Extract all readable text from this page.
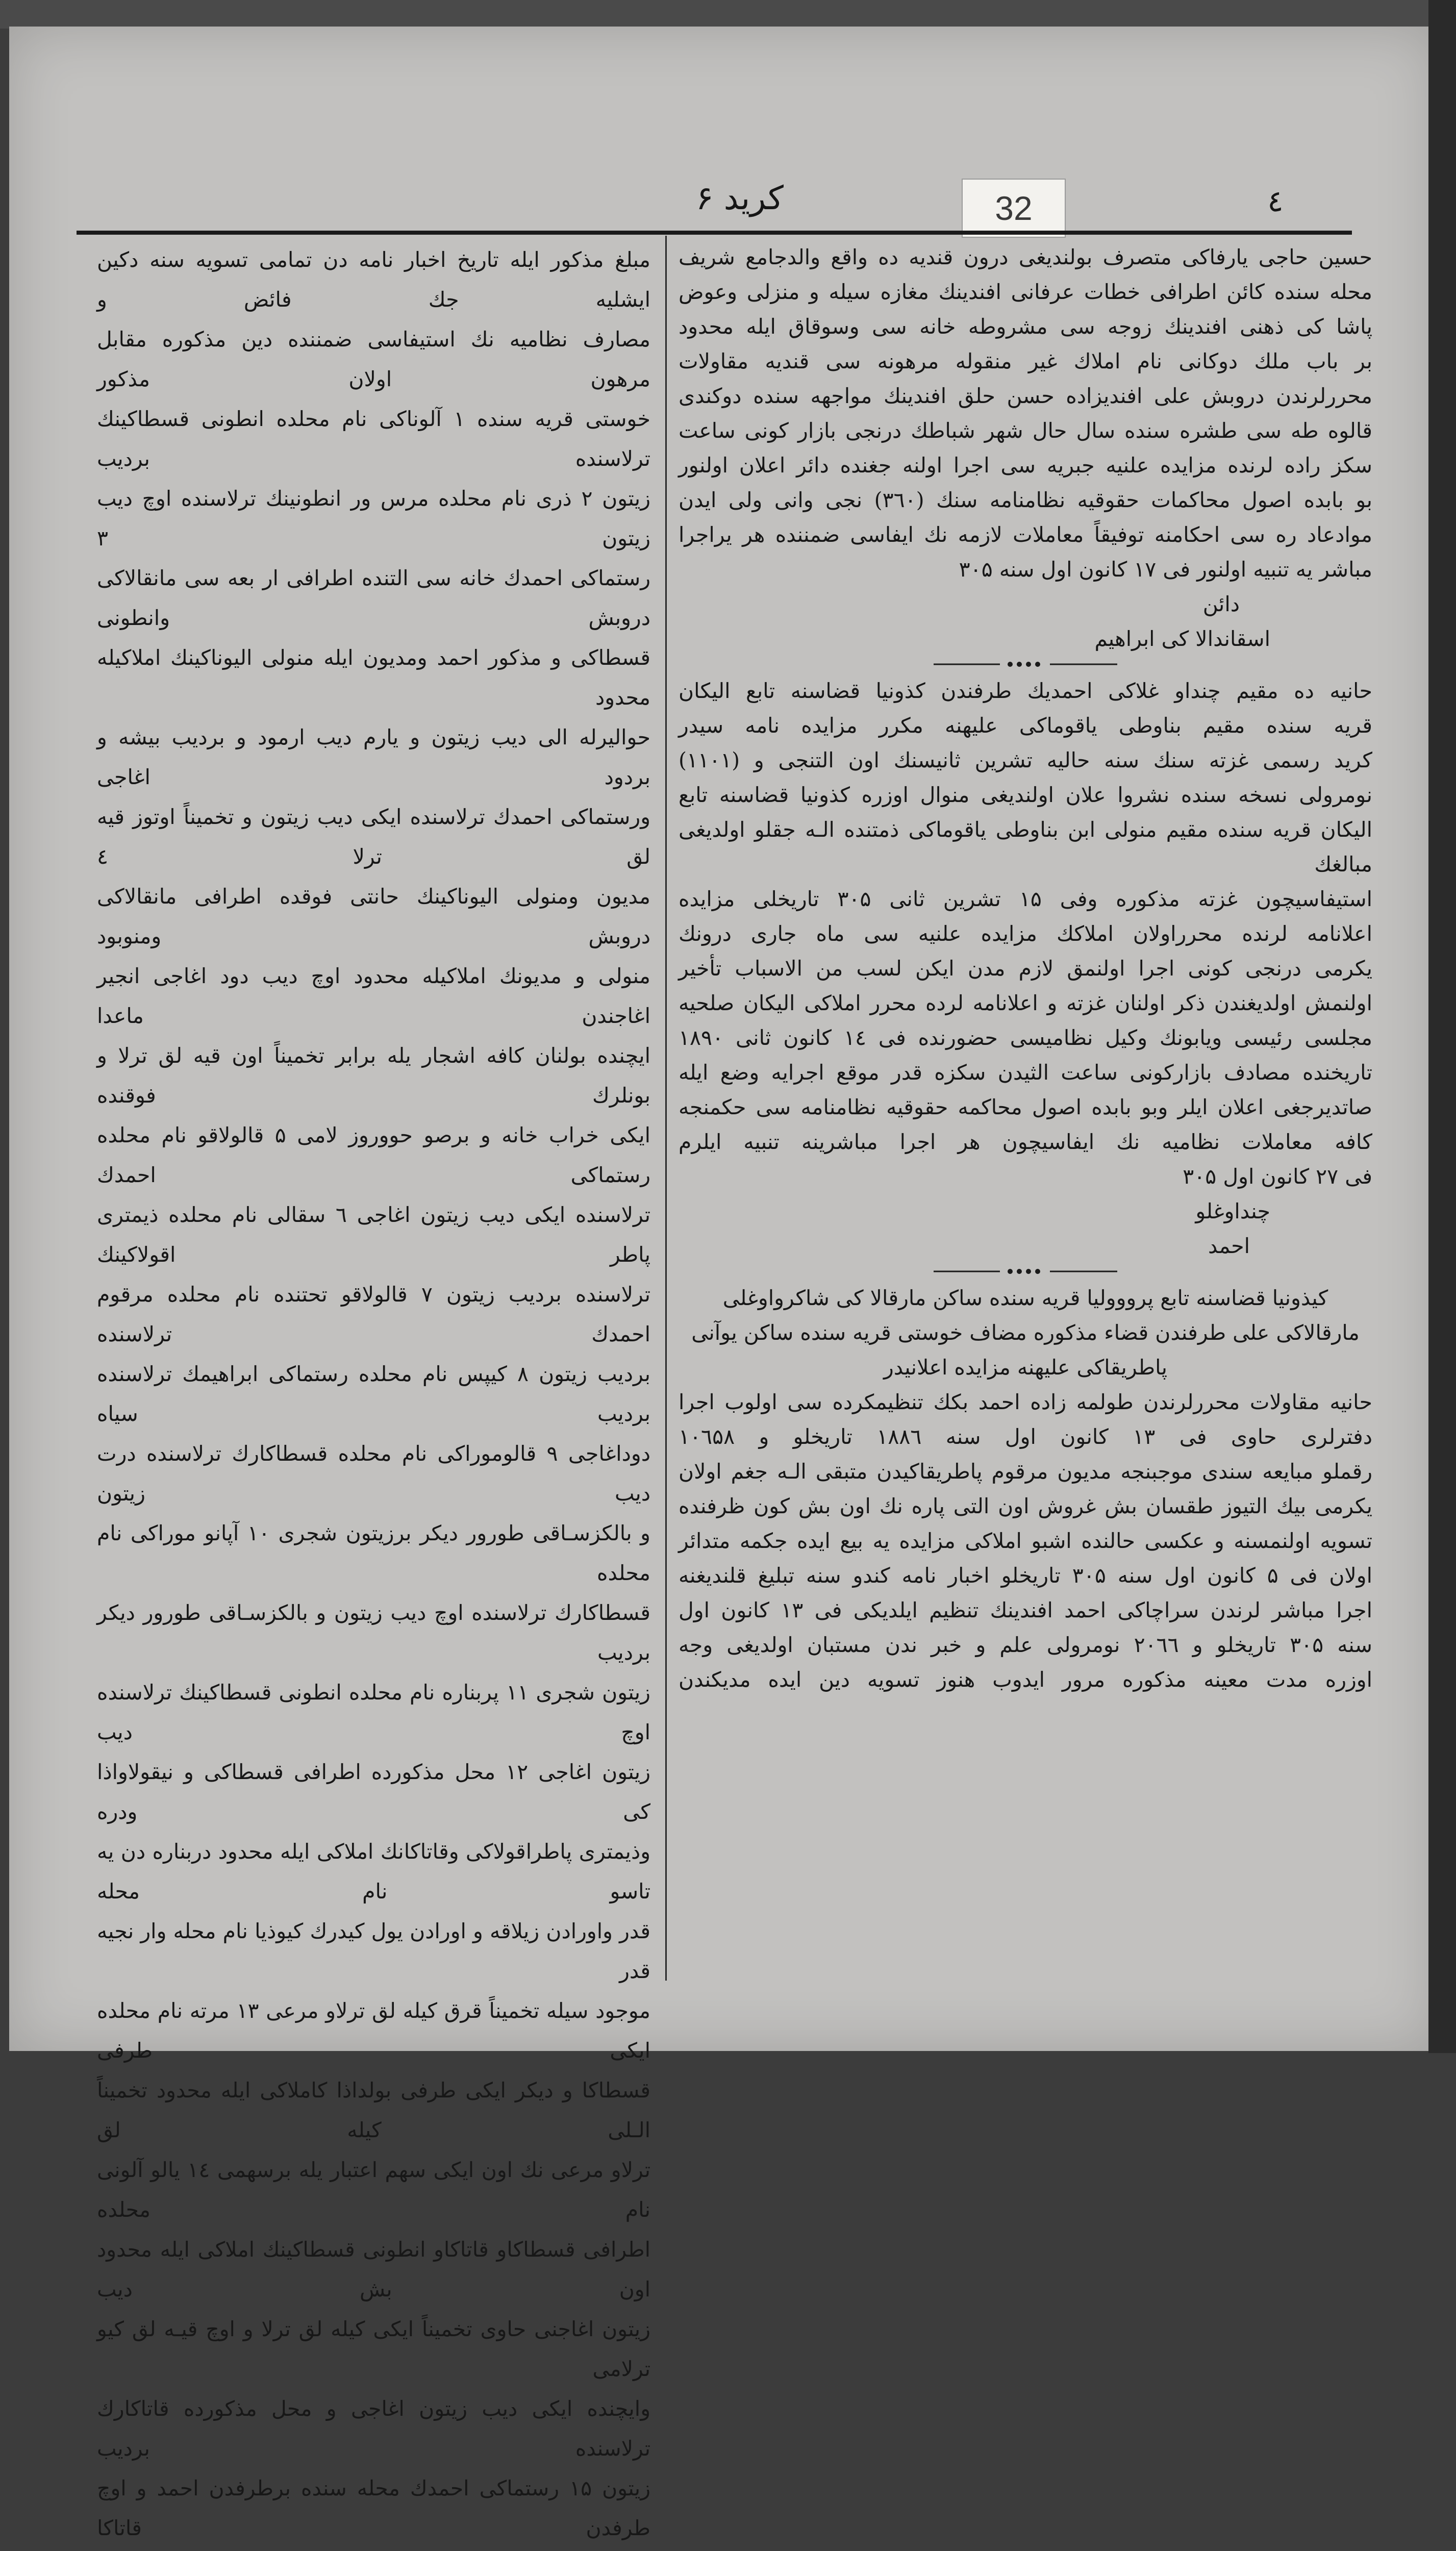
کرید ۶	٤
32

حسین حاجی یارفاکی متصرف بولندیغی درون قندیه ده واقع والدجامع شریف

محله سنده کائن اطرافی خطات عرفانی افندینك مغازه سیله و منزلی وعوض

پاشا کی ذهنی افندینك زوجه سی مشروطه خانه سی وسوقاق ایله محدود

بر باب ملك دوکانی نام املاك غیر منقوله مرهونه سی قندیه مقاولات

محررلرندن دروبش علی افندیزاده حسن حلق افندینك مواجهه سنده دوکندی

قالوه طه سی طشره سنده سال حال شهر شباطك درنجی بازار کونی ساعت

سکز راده لرنده مزایده علنیه جبریه سی اجرا اولنه جغنده دائر اعلان اولنور

بو بابده اصول محاکمات حقوقیه نظامنامه سنك (۳٦۰) نجی وانی ولی ایدن

موادعاد ره سی احکامنه توفیقاً معاملات لازمه نك ایفاسی ضمننده هر یراجرا

مباشر یه تنبیه اولنور فی ١۷ کانون اول سنه ۳۰۵

دائن

اسقاندالا کی ابراهیم

حانیه ده مقیم چنداو غلاکی احمدیك طرفندن کذونیا قضاسنه تابع الیکان

قریه سنده مقیم بناوطی یاقوماکی علیهنه مکرر مزایده نامه سیدر

کرید رسمی غزته سنك سنه حالیه تشرین ثانیسنك اون التنجی و (١١٠١)

نومرولی نسخه سنده نشروا علان اولندیغی منوال اوزره کذونیا قضاسنه تابع

الیکان قریه سنده مقیم منولی ابن بناوطی یاقوماکی ذمتنده الـه جقلو اولدیغی مبالغك

استیفاسیچون غزته مذکوره وفی ١۵ تشرین ثانی ۳۰۵ تاریخلی مزایده

اعلانامه لرنده محرراولان املاکك مزایده علنیه سی ماه جاری درونك

یکرمی درنجی کونی اجرا اولنمق لازم مدن ایکن لسب من الاسباب تأخیر

اولنمش اولدیغندن ذکر اولنان غزته و اعلانامه لرده محرر املاکی الیکان صلحیه

مجلسی رئیسی ویابونك وکیل نظامیسی حضورنده فی ١٤ کانون ثانی ۱۸۹۰

تاریخنده مصادف بازارکونی ساعت الثیدن سکزه قدر موقع اجرایه وضع ایله

صاتدیرجغی اعلان ایلر وبو بابده اصول محاکمه حقوقیه نظامنامه سی حکمنجه

کافه معاملات نظامیه نك ایفاسیچون هر اجرا مباشرینه تنبیه ایلرم

فی ۲۷ کانون اول ۳۰۵

چنداوغلو

احمد

کیذونیا قضاسنه تابع پرووولیا قریه سنده ساکن مارقالا کی شاکرواوغلی

مارقالاکی علی طرفندن قضاء مذکوره مضاف خوستی قریه سنده ساکن یوآنی

پاطریقاکی علیهنه مزایده اعلانیدر

حانیه مقاولات محررلرندن طولمه زاده احمد بکك تنظیمکرده سی اولوب اجرا

دفترلری حاوی فی ١۳ کانون اول سنه ۱۸۸٦ تاریخلو و ١۰٦۵۸

رقملو مبایعه سندی موجبنجه مدیون مرقوم پاطریقاکیدن متبقی الـه جغم اولان

یکرمی بیك التیوز طقسان بش غروش اون التی پاره نك اون بش کون ظرفنده

تسویه اولنمسنه و عکسی حالنده اشبو املاکی مزایده یه بیع ایده جکمه متدائر

اولان فی ۵ کانون اول سنه ۳۰۵ تاریخلو اخبار نامه کندو سنه تبلیغ قلندیغنه

اجرا مباشر لرندن سراچاکی احمد افندینك تنظیم ایلدیکی فی ١۳ کانون اول

سنه ۳۰۵ تاریخلو و ۲۰٦٦ نومرولی علم و خبر ندن مستبان اولدیغی وجه

اوزره مدت معینه مذکوره مرور ایدوب هنوز تسویه دین ایده مدیکندن

مبلغ مذکور ایله تاریخ اخبار نامه دن تمامی تسویه سنه دکین ایشلیه جك فائض و

مصارف نظامیه نك استیفاسی ضمننده دین مذکوره مقابل مرهون اولان مذکور

خوستی قریه سنده ١ آلوناکی نام محلده انطونی قسطاکینك ترلاسنده بردیب

زیتون ۲ ذری نام محلده مرس ور انطونینك ترلاسنده اوچ دیب زیتون ۳

رستماکی احمدك خانه سی التنده اطرافی ار بعه سی مانقالاکی دروبش وانطونی

قسطاکی و مذکور احمد ومدیون ایله منولی الیوناکینك املاکیله محدود

حوالیرله الی دیب زیتون و یارم دیب ارمود و بردیب بیشه و بردود اغاجی

ورستماکی احمدك ترلاسنده ایکی دیب زیتون و تخمیناً اوتوز قیه لق ترلا ٤

مدیون ومنولی الیوناکینك حانتی فوقده اطرافی مانقالاکی دروبش ومنوبود

منولی و مدیونك املاکیله محدود اوچ دیب دود اغاجی انجیر اغاجندن ماعدا

ایچنده بولنان کافه اشجار یله برابر تخمیناً اون قیه لق ترلا و بونلرك فوقنده

ایکی خراب خانه و برصو حووروز لامی ۵ قالولاقو نام محلده رستماکی احمدك

ترلاسنده ایکی دیب زیتون اغاجی ٦ سقالی نام محلده ذیمتری پاطر اقولاکینك

ترلاسنده بردیب زیتون ۷ قالولاقو تحتنده نام محلده مرقوم احمدك ترلاسنده

بردیب زیتون ۸ کیپس نام محلده رستماکی ابراهیمك ترلاسنده بردیب سیاه

دوداغاجی ۹ قالوموراکی نام محلده قسطاکارك ترلاسنده درت دیب زیتون

و بالکزسـاقی طورور دیکر برزیتون شجری ١۰ آپانو موراکی نام محلده

قسطاکارك ترلاسنده اوچ دیب زیتون و بالکزسـاقی طورور دیکر بردیب

زیتون شجری ١١ پربناره نام محلده انطونی قسطاکینك ترلاسنده اوچ دیب

زیتون اغاجی ١۲ محل مذکورده اطرافی قسطاکی و نیقولاواذا کی ودره

وذیمتری پاطراقولاکی وقاتاکانك املاکی ایله محدود دربناره دن یه تاسو نام محله

قدر واورادن زیلاقه و اورادن یول کیدرك کیوذیا نام محله وار نجیه قدر

موجود سیله تخمیناً قرق کیله لق ترلاو مرعی ١۳ مرته نام محلده ایکی طرفی

قسطاکا و دیکر ایکی طرفی بولداذا کاملاکی ایله محدود تخمیناً الـلی کیله لق

ترلاو مرعی نك اون ایکی سهم اعتبار یله برسهمی ١٤ یالو آلونی نام محلده

اطرافی قسطاکاو قاتاکاو انطونی قسطاکینك املاکی ایله محدود اون بش دیب

زیتون اغاجنی حاوی تخمیناً ایکی کیله لق ترلا و اوچ قیـه لق کیو ترلامی

وایچنده ایکی دیب زیتون اغاجی و محل مذکورده قاتاکارك ترلاسنده بردیب

زیتون ١۵ رستماکی احمدك محله سنده برطرفدن احمد و اوچ طرفدن قاتاکا
